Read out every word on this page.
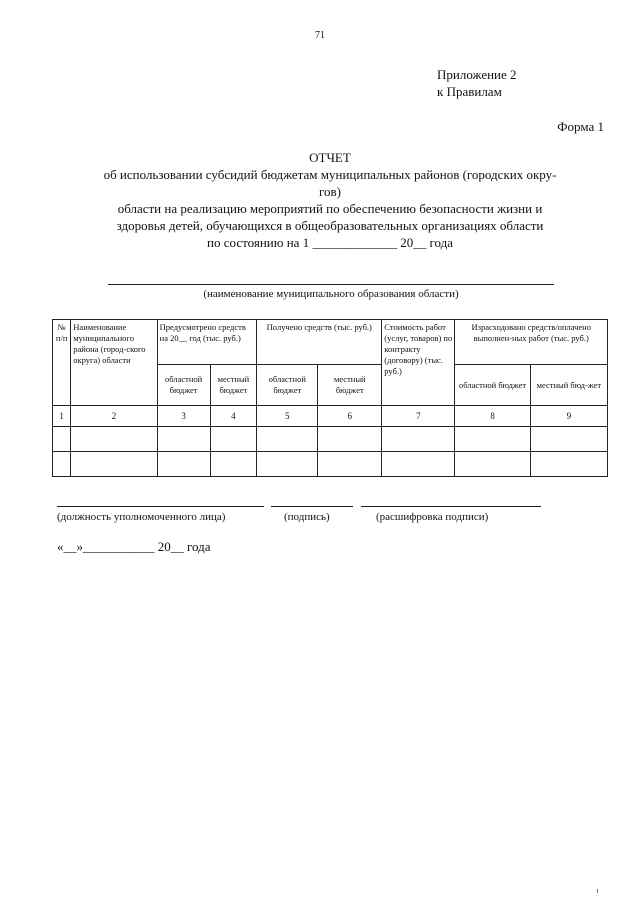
71
Приложение 2
к Правилам
Форма 1
ОТЧЕТ
об использовании субсидий бюджетам муниципальных районов (городских окру-
гов)
области на реализацию мероприятий по обеспечению безопасности жизни и
здоровья детей, обучающихся в общеобразовательных организациях области
по состоянию на 1 _____________ 20__ года
(наименование муниципального образования области)
№ п/п	Наименование муниципального района (город-ского округа) области	Предусмотрено средств на 20__ год (тыс. руб.)		Получено средств (тыс. руб.)		Стоимость работ (услуг, товаров) по контракту (договору) (тыс. руб.)	Израсходовано средств/оплачено выполнен-ных работ (тыс. руб.)	
		областной бюджет	местный бюджет	областной бюджет	местный бюджет		областной бюджет	местный бюд-жет
1	2	3	4	5	6	7	8	9

(должность уполномоченного лица)	(подпись)	(расшифровка подписи)
«__»___________ 20__ года
